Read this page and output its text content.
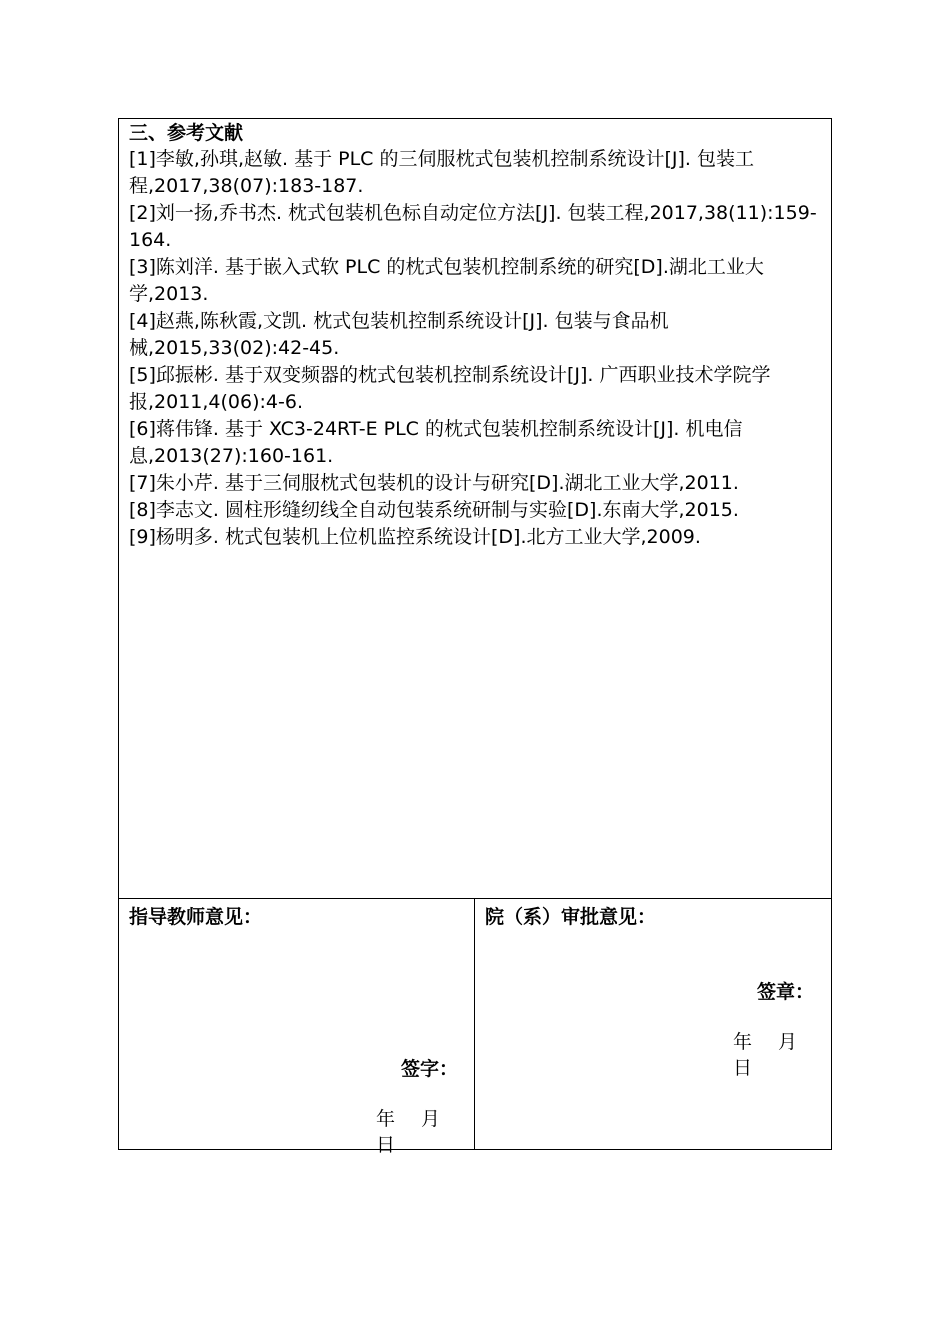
三、参考文献

[1]李敏,孙琪,赵敏. 基于 PLC 的三伺服枕式包装机控制系统设计[J]. 包装工程,2017,38(07):183-187.
[2]刘一扬,乔书杰. 枕式包装机色标自动定位方法[J]. 包装工程,2017,38(11):159-164.
[3]陈刘洋. 基于嵌入式软 PLC 的枕式包装机控制系统的研究[D].湖北工业大学,2013.
[4]赵燕,陈秋霞,文凯. 枕式包装机控制系统设计[J]. 包装与食品机械,2015,33(02):42-45.
[5]邱振彬. 基于双变频器的枕式包装机控制系统设计[J]. 广西职业技术学院学报,2011,4(06):4-6.
[6]蒋伟锋. 基于 XC3-24RT-E PLC 的枕式包装机控制系统设计[J]. 机电信息,2013(27):160-161.
[7]朱小芹. 基于三伺服枕式包装机的设计与研究[D].湖北工业大学,2011.
[8]李志文. 圆柱形缝纫线全自动包装系统研制与实验[D].东南大学,2015.
[9]杨明多. 枕式包装机上位机监控系统设计[D].北方工业大学,2009.
指导教师意见：
签字：
年 月 日
院（系）审批意见：
签章：
年 月 日
